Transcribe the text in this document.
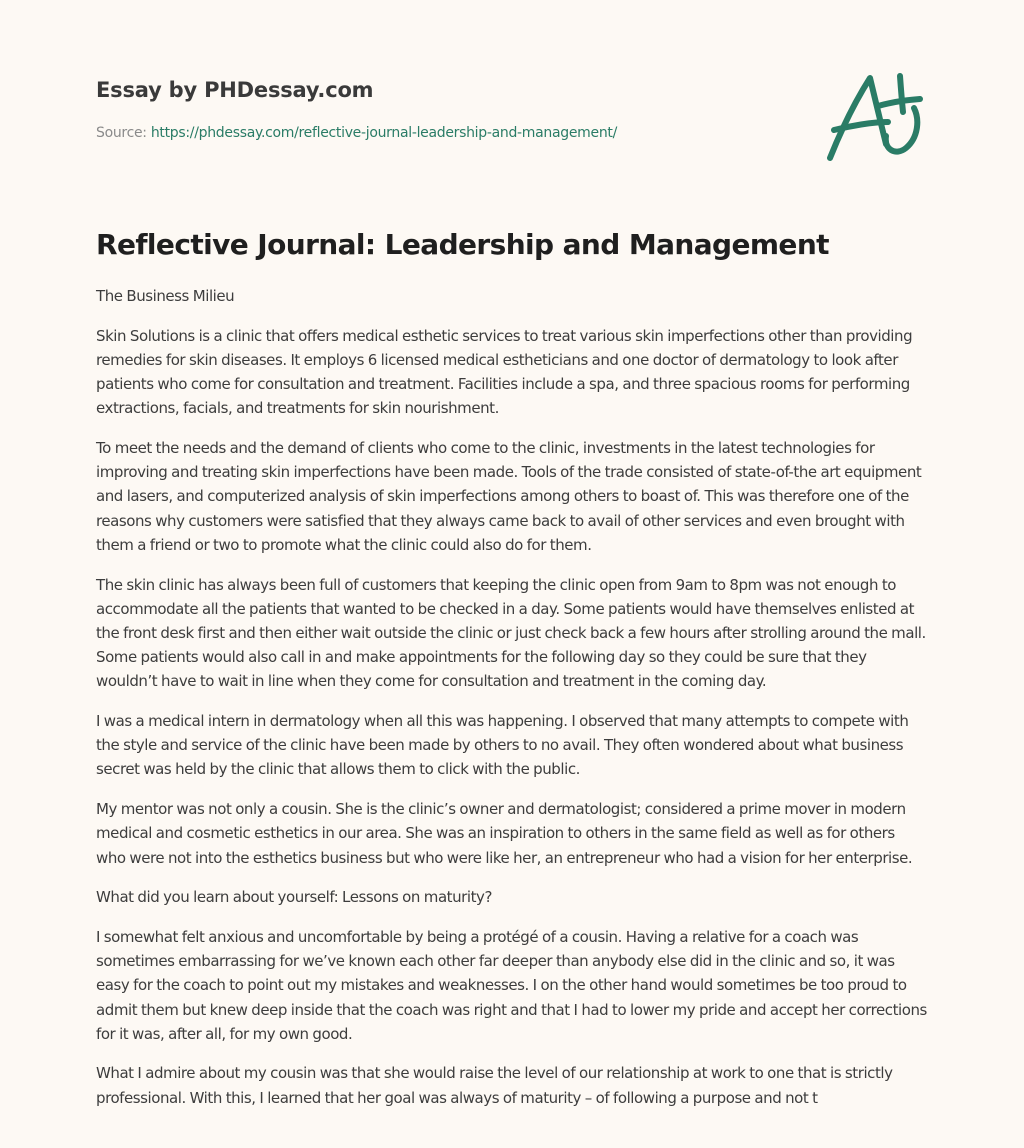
Essay by PHDessay.com
Source: https://phdessay.com/reflective-journal-leadership-and-management/
Reflective Journal: Leadership and Management

The Business Milieu

Skin Solutions is a clinic that offers medical esthetic services to treat various skin imperfections other than providing remedies for skin diseases. It employs 6 licensed medical estheticians and one doctor of dermatology to look after patients who come for consultation and treatment. Facilities include a spa, and three spacious rooms for performing extractions, facials, and treatments for skin nourishment.

To meet the needs and the demand of clients who come to the clinic, investments in the latest technologies for improving and treating skin imperfections have been made. Tools of the trade consisted of state-of-the art equipment and lasers, and computerized analysis of skin imperfections among others to boast of. This was therefore one of the reasons why customers were satisfied that they always came back to avail of other services and even brought with them a friend or two to promote what the clinic could also do for them.

The skin clinic has always been full of customers that keeping the clinic open from 9am to 8pm was not enough to accommodate all the patients that wanted to be checked in a day. Some patients would have themselves enlisted at the front desk first and then either wait outside the clinic or just check back a few hours after strolling around the mall. Some patients would also call in and make appointments for the following day so they could be sure that they wouldn’t have to wait in line when they come for consultation and treatment in the coming day.

I was a medical intern in dermatology when all this was happening. I observed that many attempts to compete with the style and service of the clinic have been made by others to no avail. They often wondered about what business secret was held by the clinic that allows them to click with the public.

My mentor was not only a cousin. She is the clinic’s owner and dermatologist; considered a prime mover in modern medical and cosmetic esthetics in our area. She was an inspiration to others in the same field as well as for others who were not into the esthetics business but who were like her, an entrepreneur who had a vision for her enterprise.

What did you learn about yourself: Lessons on maturity?

I somewhat felt anxious and uncomfortable by being a protégé of a cousin. Having a relative for a coach was sometimes embarrassing for we’ve known each other far deeper than anybody else did in the clinic and so, it was easy for the coach to point out my mistakes and weaknesses. I on the other hand would sometimes be too proud to admit them but knew deep inside that the coach was right and that I had to lower my pride and accept her corrections for it was, after all, for my own good.

What I admire about my cousin was that she would raise the level of our relationship at work to one that is strictly professional. With this, I learned that her goal was always of maturity – of following a purpose and not t
